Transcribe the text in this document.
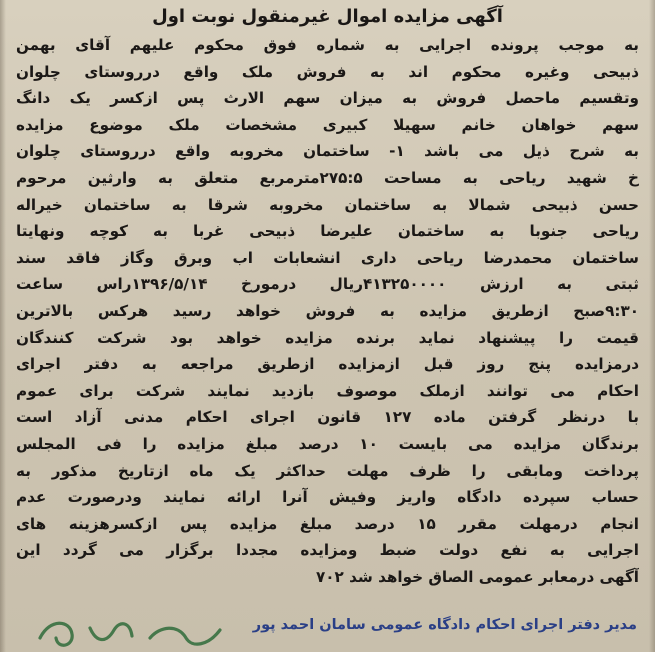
آگهی مزایده اموال غیرمنقول نوبت اول
به موجب پرونده اجرایی به شماره فوق محکوم علیهم آقای بهمن
ذبیحی وغیره محکوم اند به فروش ملک واقع درروستای چلوان
وتقسیم ماحصل فروش به میزان سهم الارث پس ازکسر یک دانگ
سهم خواهان خانم سهیلا کبیری مشخصات ملک موضوع مزایده
به شرح ذیل می باشد ۱- ساختمان مخروبه واقع درروستای چلوان
خ شهید ریاحی به مساحت ۲۷۵:۵مترمربع متعلق به وارثین مرحوم
حسن ذبیحی شمالا به ساختمان مخروبه شرقا به ساختمان خیراله
ریاحی جنوبا به ساختمان علیرضا ذبیحی غربا به کوچه ونهایتا
ساختمان محمدرضا ریاحی داری انشعابات اب وبرق وگاز فاقد سند
ثبتی به ارزش ۴۱۳۲۵۰۰۰۰ریال درمورخ ۱۳۹۶/۵/۱۴راس ساعت
۹:۳۰صبح ازطریق مزایده به فروش خواهد رسید هرکس بالاترین
قیمت را پیشنهاد نماید برنده مزایده خواهد بود شرکت کنندگان
درمزایده پنج روز قبل ازمزایده ازطریق مراجعه به دفتر اجرای
احکام می توانند ازملک موصوف بازدید نمایند شرکت برای عموم
با درنظر گرفتن ماده ۱۲۷ قانون اجرای احکام مدنی آزاد است
برندگان مزایده می بایست ۱۰ درصد مبلغ مزایده را فی المجلس
پرداخت ومابقی را ظرف مهلت حداکثر یک ماه ازتاریخ مذکور به
حساب سپرده دادگاه واریز وفیش آنرا ارائه نمایند ودرصورت عدم
انجام درمهلت مقرر ۱۵ درصد مبلغ مزایده پس ازکسرهزینه های
اجرایی به نفع دولت ضبط ومزایده مجددا برگزار می گردد این
آگهی درمعابر عمومی الصاق خواهد شد ۷۰۲
مدیر دفتر اجرای احکام دادگاه عمومی سامان احمد پور
